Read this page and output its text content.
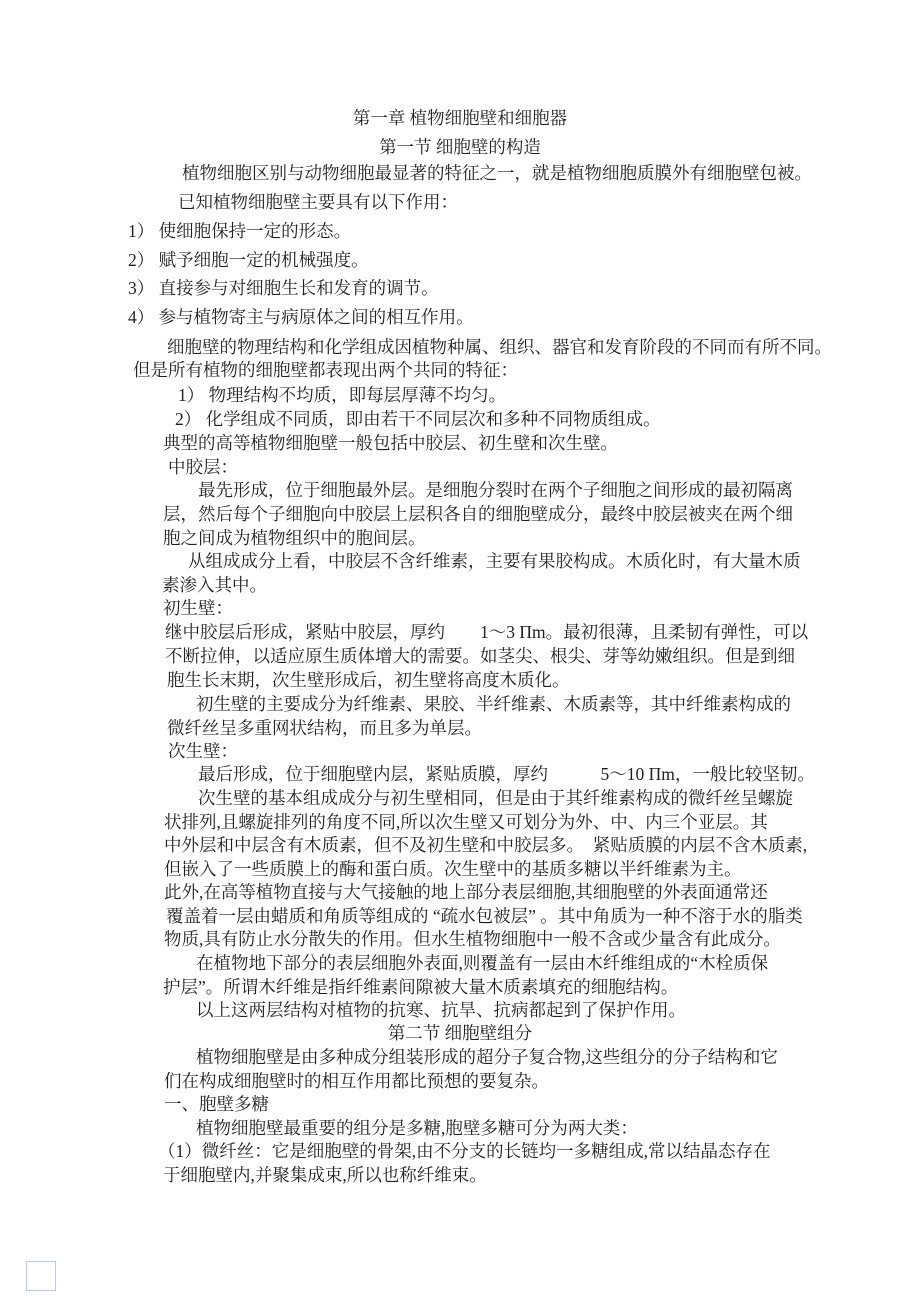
第一章 植物细胞壁和细胞器
第一节 细胞壁的构造
植物细胞区别与动物细胞最显著的特征之一，就是植物细胞质膜外有细胞壁包被。
已知植物细胞壁主要具有以下作用：
1） 使细胞保持一定的形态。
2） 赋予细胞一定的机械强度。
3） 直接参与对细胞生长和发育的调节。
4） 参与植物寄主与病原体之间的相互作用。
细胞壁的物理结构和化学组成因植物种属、组织、器官和发育阶段的不同而有所不同。
但是所有植物的细胞壁都表现出两个共同的特征：
1） 物理结构不均质，即每层厚薄不均匀。
2） 化学组成不同质，即由若干不同层次和多种不同物质组成。
典型的高等植物细胞壁一般包括中胶层、初生壁和次生壁。
中胶层：
最先形成，位于细胞最外层。是细胞分裂时在两个子细胞之间形成的最初隔离
层，然后每个子细胞向中胶层上层积各自的细胞壁成分，最终中胶层被夹在两个细
胞之间成为植物组织中的胞间层。
从组成成分上看，中胶层不含纤维素，主要有果胶构成。木质化时，有大量木质
素渗入其中。
初生壁：
继中胶层后形成，紧贴中胶层，厚约　　1～3 Пm。最初很薄，且柔韧有弹性，可以
不断拉伸，以适应原生质体增大的需要。如茎尖、根尖、芽等幼嫩组织。但是到细
胞生长末期，次生壁形成后，初生壁将高度木质化。
初生壁的主要成分为纤维素、果胶、半纤维素、木质素等，其中纤维素构成的
微纤丝呈多重网状结构，而且多为单层。
次生壁：
最后形成，位于细胞壁内层，紧贴质膜，厚约　　　5～10 Пm，一般比较坚韧。
次生壁的基本组成成分与初生壁相同，但是由于其纤维素构成的微纤丝呈螺旋
状排列,且螺旋排列的角度不同,所以次生壁又可划分为外、中、内三个亚层。其
中外层和中层含有木质素，但不及初生壁和中胶层多。　紧贴质膜的内层不含木质素,
但嵌入了一些质膜上的酶和蛋白质。次生壁中的基质多糖以半纤维素为主。
此外,在高等植物直接与大气接触的地上部分表层细胞,其细胞壁的外表面通常还
覆盖着一层由蜡质和角质等组成的 “疏水包被层” 。其中角质为一种不溶于水的脂类
物质,具有防止水分散失的作用。但水生植物细胞中一般不含或少量含有此成分。
在植物地下部分的表层细胞外表面,则覆盖有一层由木纤维组成的“木栓质保
护层”。所谓木纤维是指纤维素间隙被大量木质素填充的细胞结构。
以上这两层结构对植物的抗寒、抗旱、抗病都起到了保护作用。
第二节 细胞壁组分
植物细胞壁是由多种成分组装形成的超分子复合物,这些组分的分子结构和它
们在构成细胞壁时的相互作用都比预想的要复杂。
一、胞壁多糖
植物细胞壁最重要的组分是多糖,胞壁多糖可分为两大类：
（1）微纤丝：它是细胞壁的骨架,由不分支的长链均一多糖组成,常以结晶态存在
于细胞壁内,并聚集成束,所以也称纤维束。
